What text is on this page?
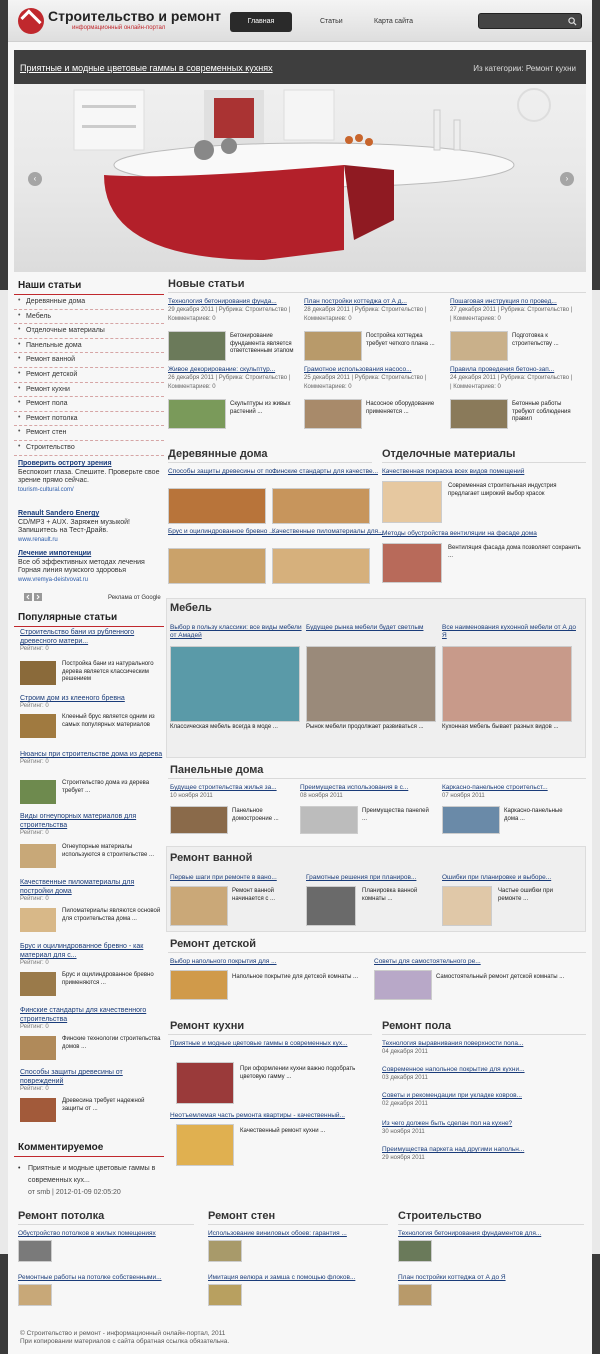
Строительство и ремонт
информационный онлайн-портал
Главная	Статьи	Карта сайта
Приятные и модные цветовые гаммы в современных кухнях	Из категории: Ремонт кухни
‹	›
Наши статьи
• Деревянные дома
• Мебель
• Отделочные материалы
• Панельные дома
• Ремонт ванной
• Ремонт детской
• Ремонт кухни
• Ремонт пола
• Ремонт потолка
• Ремонт стен
• Строительство
Проверить остроту зрения
Беспокоит глаза. Спешите. Проверьте свое зрение прямо сейчас.
tourism-cultural.com/
Renault Sandero Energy
CD/MP3 + AUX. Заряжен музыкой! Запишитесь на Тест-Драйв.
www.renault.ru
Лечение импотенции
Все об эффективных методах лечения Горная линия мужского здоровья
www.vremya-deistvovat.ru
Реклама от Google
Популярные статьи
Строительство бани из рубленного древесного матери...
Рейтинг: 0
Постройка бани из натурального дерева является классическим решением
Строим дом из клееного бревна
Рейтинг: 0
Клееный брус является одним из самых популярных материалов
Нюансы при строительстве дома из дерева
Рейтинг: 0
Строительство дома из дерева требует ...
Виды огнеупорных материалов для строительства
Рейтинг: 0
Огнеупорные материалы используются в строительстве ...
Качественные пиломатериалы для постройки дома
Рейтинг: 0
Пиломатериалы являются основой для строительства дома ...
Брус и оцилиндрованное бревно - как материал для с...
Рейтинг: 0
Брус и оцилиндрованное бревно применяются ...
Финские стандарты для качественного строительства
Рейтинг: 0
Финские технологии строительства домов ...
Способы защиты древесины от повреждений
Рейтинг: 0
Древесина требует надежной защиты от ...
Комментируемое
• Приятные и модные цветовые гаммы в современных кух...
от smb | 2012-01-09 02:05:20
Новые статьи
Технология бетонирования фунда...
29 декабря 2011 | Рубрика: Строительство |
Комментариев: 0
Бетонирование фундамента является ответственным этапом
План постройки коттеджа от А д...
28 декабря 2011 | Рубрика: Строительство |
Комментариев: 0
Постройка коттеджа требует четкого плана ...
Пошаговая инструкция по провед...
27 декабря 2011 | Рубрика: Строительство |
| Комментариев: 0
Подготовка к строительству ...
Живое декорирование: скульптур...
26 декабря 2011 | Рубрика: Строительство |
Комментариев: 0
Скульптуры из живых растений ...
Грамотное использования насосо...
25 декабря 2011 | Рубрика: Строительство |
Комментариев: 0
Насосное оборудование применяется ...
Правила проведения бетоно-зап...
24 декабря 2011 | Рубрика: Строительство |
| Комментариев: 0
Бетонные работы требуют соблюдения правил
Деревянные дома
Способы защиты древесины от по...
Финские стандарты для качестве...
Брус и оцилиндрованное бревно ...
Качественные пиломатериалы для...
Отделочные материалы
Качественная покраска всех видов помещений
Современная строительная индустрия предлагает широкий выбор красок
Методы обустройства вентиляции на фасаде дома
Вентиляция фасада дома позволяет сохранить ...
Мебель
Выбор в пользу классики: все виды мебели от Амадей
Классическая мебель всегда в моде ...
Будущее рынка мебели будет светлым
Рынок мебели продолжает развиваться ...
Все наименования кухонной мебели от А до Я
Кухонная мебель бывает разных видов ...
Панельные дома
Будущее строительства жилья за...
10 ноября 2011
Панельное домостроение ...
Преимущества использования в с...
08 ноября 2011
Преимущества панелей ...
Каркасно-панельное строительст...
07 ноября 2011
Каркасно-панельные дома ...
Ремонт ванной
Первые шаги при ремонте в вано...
Ремонт ванной начинается с ...
Грамотные решения при планиров...
Планировка ванной комнаты ...
Ошибки при планировке и выборе...
Частые ошибки при ремонте ...
Ремонт детской
Выбор напольного покрытия для ...
Напольное покрытие для детской комнаты ...
Советы для самостоятельного ре...
Самостоятельный ремонт детской комнаты ...
Ремонт кухни
Приятные и модные цветовые гаммы в современных кух...
При оформлении кухни важно подобрать цветовую гамму ...
Неотъемлемая часть ремонта квартиры - качественный...
Качественный ремонт кухни ...
Ремонт пола
Технология выравнивания поверхности пола...
04 декабря 2011
Современное напольное покрытие для кухни...
03 декабря 2011
Советы и рекомендации при укладке ковров...
02 декабря 2011
Из чего должен быть сделан пол на кухне?
30 ноября 2011
Преимущества паркета над другими напольн...
29 ноября 2011
Ремонт потолка
Обустройство потолков в жилых помещениях
Ремонтные работы на потолке собственными...
Ремонт стен
Использование виниловых обоев: гарантия ...
Имитация велюра и замша с помощью флоков...
Строительство
Технология бетонирования фундаментов для...
План постройки коттеджа от А до Я
© Строительство и ремонт - информационный онлайн-портал, 2011
При копировании материалов с сайта обратная ссылка обязательна.
